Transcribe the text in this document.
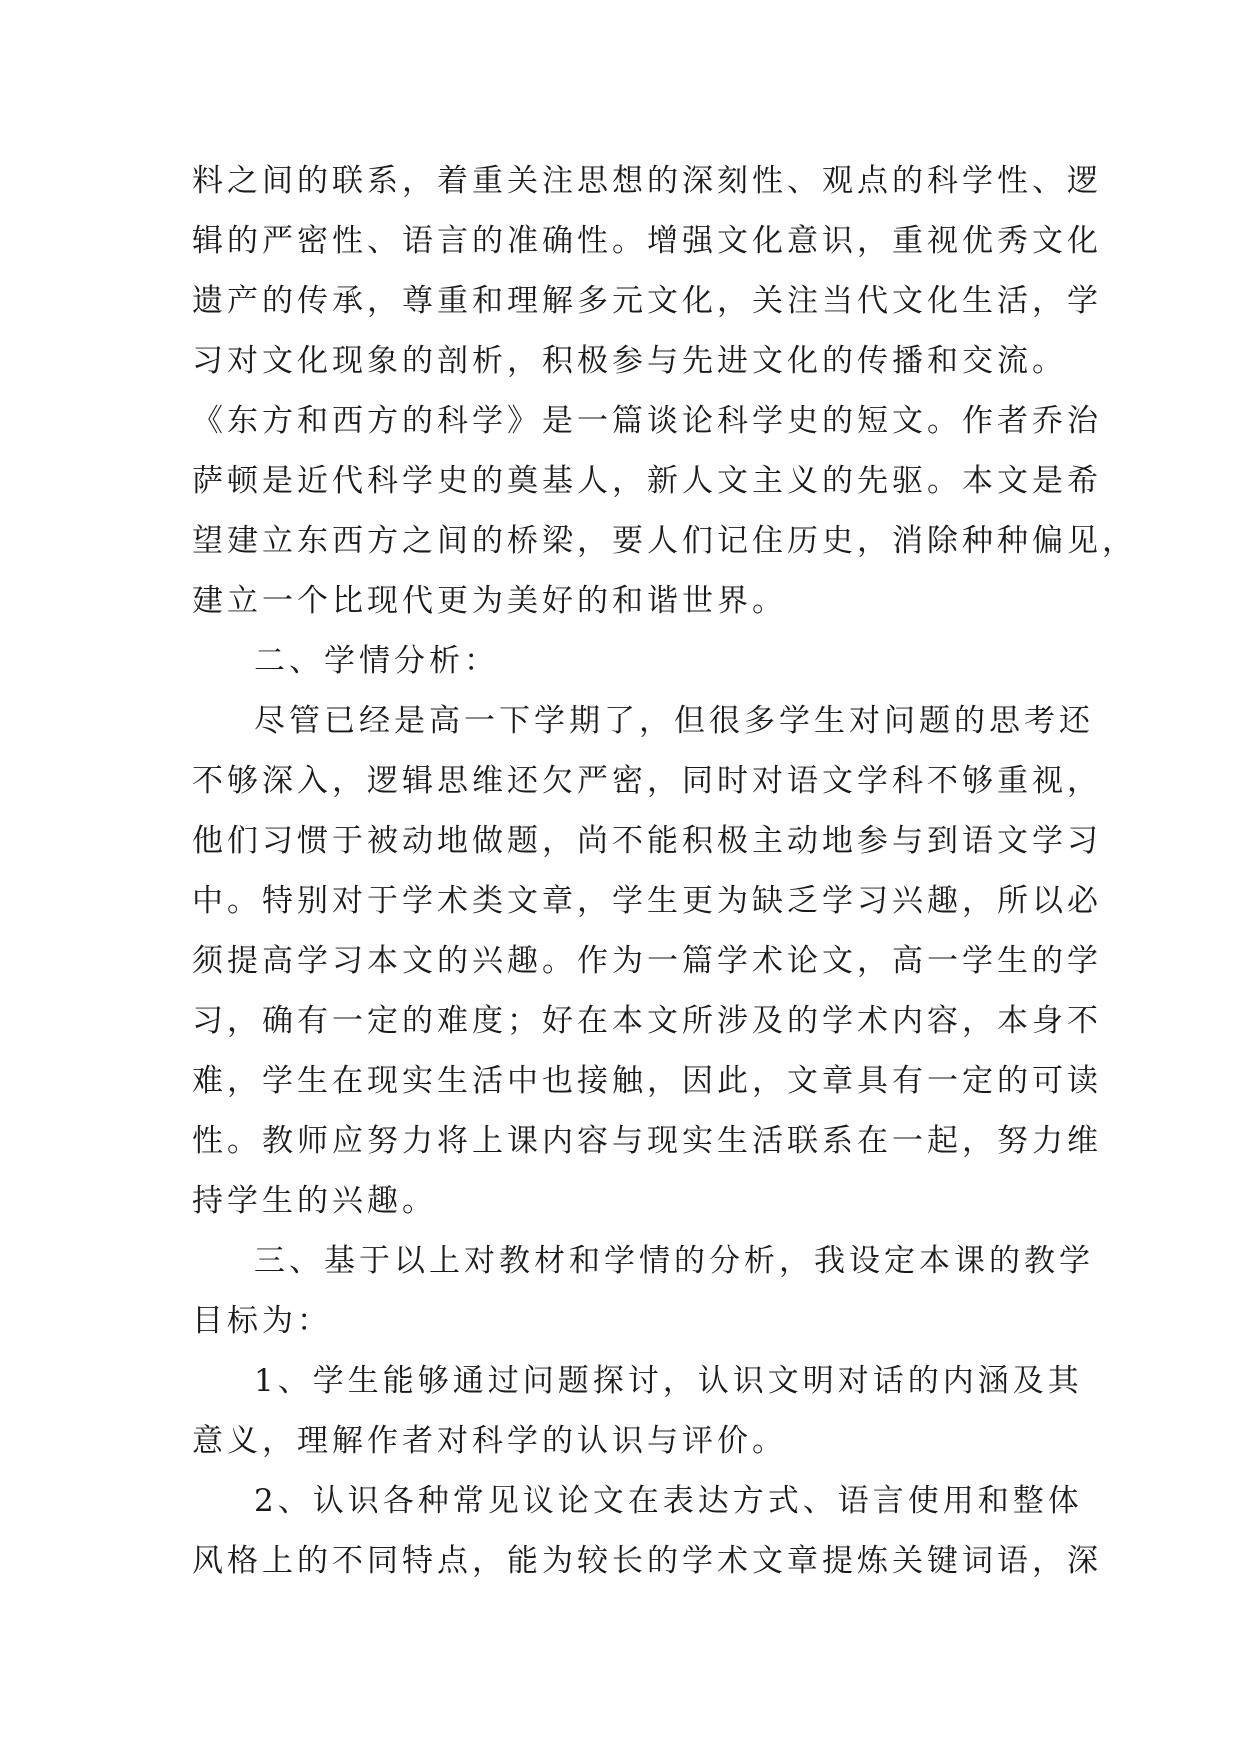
料之间的联系，着重关注思想的深刻性、观点的科学性、逻
辑的严密性、语言的准确性。增强文化意识，重视优秀文化
遗产的传承，尊重和理解多元文化，关注当代文化生活，学
习对文化现象的剖析，积极参与先进文化的传播和交流。
《东方和西方的科学》是一篇谈论科学史的短文。作者乔治
萨顿是近代科学史的奠基人，新人文主义的先驱。本文是希
望建立东西方之间的桥梁，要人们记住历史，消除种种偏见，
建立一个比现代更为美好的和谐世界。
二、学情分析：
尽管已经是高一下学期了，但很多学生对问题的思考还
不够深入，逻辑思维还欠严密，同时对语文学科不够重视，
他们习惯于被动地做题，尚不能积极主动地参与到语文学习
中。特别对于学术类文章，学生更为缺乏学习兴趣，所以必
须提高学习本文的兴趣。作为一篇学术论文，高一学生的学
习，确有一定的难度；好在本文所涉及的学术内容，本身不
难，学生在现实生活中也接触，因此，文章具有一定的可读
性。教师应努力将上课内容与现实生活联系在一起，努力维
持学生的兴趣。
三、基于以上对教材和学情的分析，我设定本课的教学
目标为：
1、学生能够通过问题探讨，认识文明对话的内涵及其
意义，理解作者对科学的认识与评价。
2、认识各种常见议论文在表达方式、语言使用和整体
风格上的不同特点，能为较长的学术文章提炼关键词语，深
